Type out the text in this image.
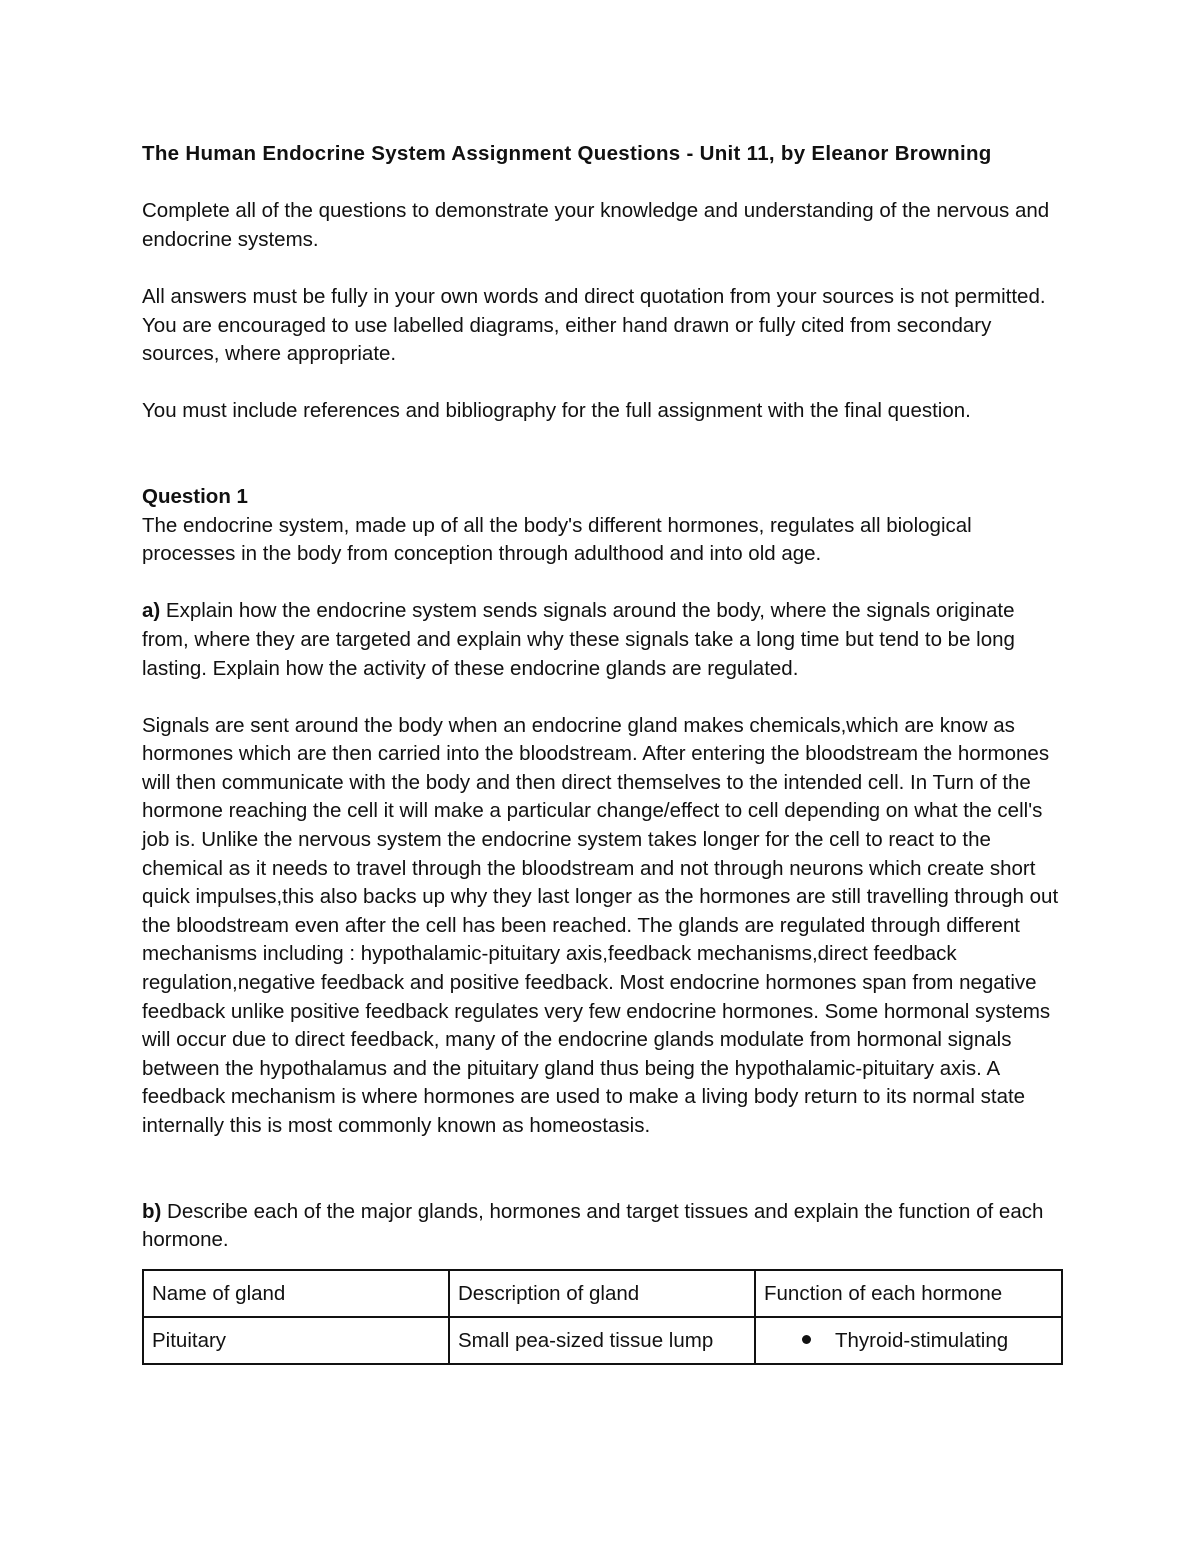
The Human Endocrine System Assignment Questions - Unit 11, by Eleanor Browning

Complete all of the questions to demonstrate your knowledge and understanding of the nervous and endocrine systems.

All answers must be fully in your own words and direct quotation from your sources is not permitted. You are encouraged to use labelled diagrams, either hand drawn or fully cited from secondary sources, where appropriate.

You must include references and bibliography for the full assignment with the final question.

Question 1

The endocrine system, made up of all the body's different hormones, regulates all biological processes in the body from conception through adulthood and into old age.

a) Explain how the endocrine system sends signals around the body, where the signals originate from, where they are targeted and explain why these signals take a long time but tend to be long lasting. Explain how the activity of these endocrine glands are regulated.

Signals are sent around the body when an endocrine gland makes chemicals,which are know as hormones which are then carried into the bloodstream. After entering the bloodstream the hormones will then communicate with the body and then direct themselves to the intended cell. In Turn of the hormone reaching the cell it will make a particular change/effect to cell depending on what the cell's job is. Unlike the nervous system the endocrine system takes longer for the cell to react to the chemical as it needs to travel through the bloodstream and not through neurons which create short quick impulses,this also backs up why they last longer as the hormones are still travelling through out the bloodstream even after the cell has been reached. The glands are regulated through different mechanisms including : hypothalamic-pituitary axis,feedback mechanisms,direct feedback regulation,negative feedback and positive feedback. Most endocrine hormones span from negative feedback unlike positive feedback regulates very few endocrine hormones. Some hormonal systems will occur due to direct feedback, many of the endocrine glands modulate from hormonal signals between the hypothalamus and the pituitary gland thus being the hypothalamic-pituitary axis. A feedback mechanism is where hormones are used to make a living body return to its normal state internally this is most commonly known as homeostasis.

b) Describe each of the major glands, hormones and target tissues and explain the function of each hormone.

Name of gland	Description of gland	Function of each hormone
Pituitary	Small pea-sized tissue lump	Thyroid-stimulating
